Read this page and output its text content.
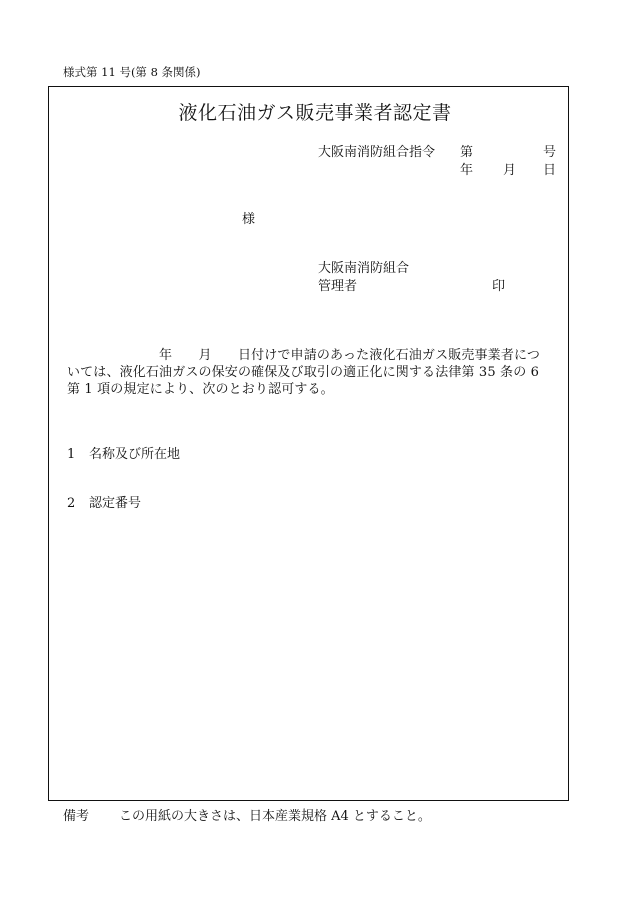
様式第 11 号(第 8 条関係)
液化石油ガス販売事業者認定書
大阪南消防組合指令 第	号
年 月 日
様
大阪南消防組合
管理者	印
　　　　　　　年　　月　　日付けで申請のあった液化石油ガス販売事業者につ
いては、液化石油ガスの保安の確保及び取引の適正化に関する法律第 35 条の 6
第 1 項の規定により、次のとおり認可する。
1 名称及び所在地
2 認定番号
備考 この用紙の大きさは、日本産業規格 A4 とすること。
